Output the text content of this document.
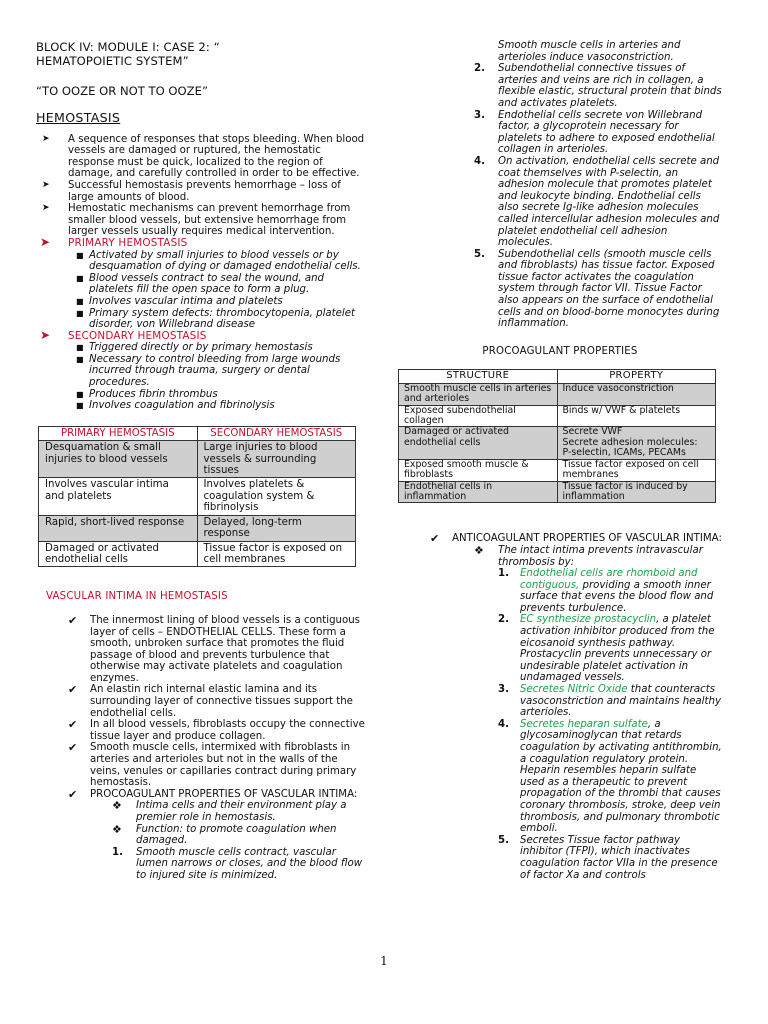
BLOCK IV: MODULE I: CASE 2: “
HEMATOPOIETIC SYSTEM”
“TO OOZE OR NOT TO OOZE”
HEMOSTASIS
➤ A sequence of responses that stops bleeding. When blood vessels are damaged or ruptured, the hemostatic response must be quick, localized to the region of damage, and carefully controlled in order to be effective.
➤ Successful hemostasis prevents hemorrhage – loss of large amounts of blood.
➤ Hemostatic mechanisms can prevent hemorrhage from smaller blood vessels, but extensive hemorrhage from larger vessels usually requires medical intervention.
➤ PRIMARY HEMOSTASIS
■ Activated by small injuries to blood vessels or by desquamation of dying or damaged endothelial cells.
■ Blood vessels contract to seal the wound, and platelets fill the open space to form a plug.
■ Involves vascular intima and platelets
■ Primary system defects: thrombocytopenia, platelet disorder, von Willebrand disease
➤ SECONDARY HEMOSTASIS
■ Triggered directly or by primary hemostasis
■ Necessary to control bleeding from large wounds incurred through trauma, surgery or dental procedures.
■ Produces fibrin thrombus
■ Involves coagulation and fibrinolysis
PRIMARY HEMOSTASIS	SECONDARY HEMOSTASIS
Desquamation & small injuries to blood vessels	Large injuries to blood vessels & surrounding tissues
Involves vascular intima and platelets	Involves platelets & coagulation system & fibrinolysis
Rapid, short-lived response	Delayed, long-term response
Damaged or activated endothelial cells	Tissue factor is exposed on cell membranes
VASCULAR INTIMA IN HEMOSTASIS
✔ The innermost lining of blood vessels is a contiguous layer of cells – ENDOTHELIAL CELLS. These form a smooth, unbroken surface that promotes the fluid passage of blood and prevents turbulence that otherwise may activate platelets and coagulation enzymes.
✔ An elastin rich internal elastic lamina and its surrounding layer of connective tissues support the endothelial cells.
✔ In all blood vessels, fibroblasts occupy the connective tissue layer and produce collagen.
✔ Smooth muscle cells, intermixed with fibroblasts in arteries and arterioles but not in the walls of the veins, venules or capillaries contract during primary hemostasis.
✔ PROCOAGULANT PROPERTIES OF VASCULAR INTIMA:
❖ Intima cells and their environment play a premier role in hemostasis.
❖ Function: to promote coagulation when damaged.
1. Smooth muscle cells contract, vascular lumen narrows or closes, and the blood flow to injured site is minimized.
Smooth muscle cells in arteries and arterioles induce vasoconstriction.
2. Subendothelial connective tissues of arteries and veins are rich in collagen, a flexible elastic, structural protein that binds and activates platelets.
3. Endothelial cells secrete von Willebrand factor, a glycoprotein necessary for platelets to adhere to exposed endothelial collagen in arterioles.
4. On activation, endothelial cells secrete and coat themselves with P-selectin, an adhesion molecule that promotes platelet and leukocyte binding. Endothelial cells also secrete Ig-like adhesion molecules called intercellular adhesion molecules and platelet endothelial cell adhesion molecules.
5. Subendothelial cells (smooth muscle cells and fibroblasts) has tissue factor. Exposed tissue factor activates the coagulation system through factor VII. Tissue Factor also appears on the surface of endothelial cells and on blood-borne monocytes during inflammation.
PROCOAGULANT PROPERTIES
STRUCTURE	PROPERTY
Smooth muscle cells in arteries and arterioles	Induce vasoconstriction
Exposed subendothelial collagen	Binds w/ VWF & platelets
Damaged or activated endothelial cells	Secrete VWF
Secrete adhesion molecules:
P-selectin, ICAMs, PECAMs
Exposed smooth muscle & fibroblasts	Tissue factor exposed on cell membranes
Endothelial cells in inflammation	Tissue factor is induced by inflammation
✔ ANTICOAGULANT PROPERTIES OF VASCULAR INTIMA:
❖ The intact intima prevents intravascular thrombosis by:
1. Endothelial cells are rhomboid and contiguous, providing a smooth inner surface that evens the blood flow and prevents turbulence.
2. EC synthesize prostacyclin, a platelet activation inhibitor produced from the eicosanoid synthesis pathway. Prostacyclin prevents unnecessary or undesirable platelet activation in undamaged vessels.
3. Secretes Nitric Oxide that counteracts vasoconstriction and maintains healthy arterioles.
4. Secretes heparan sulfate, a glycosaminoglycan that retards coagulation by activating antithrombin, a coagulation regulatory protein. Heparin resembles heparin sulfate used as a therapeutic to prevent propagation of the thrombi that causes coronary thrombosis, stroke, deep vein thrombosis, and pulmonary thrombotic emboli.
5. Secretes Tissue factor pathway inhibitor (TFPI), which inactivates coagulation factor VIIa in the presence of factor Xa and controls
1
